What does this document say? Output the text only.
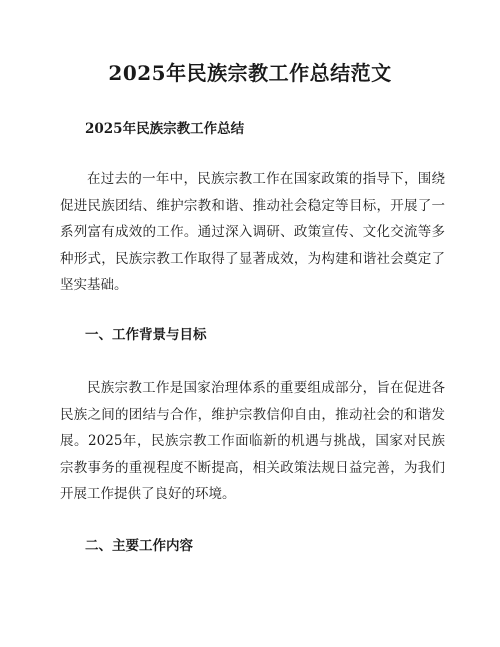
2025年民族宗教工作总结范文
2025年民族宗教工作总结

在过去的一年中，民族宗教工作在国家政策的指导下，围绕促进民族团结、维护宗教和谐、推动社会稳定等目标，开展了一系列富有成效的工作。通过深入调研、政策宣传、文化交流等多种形式，民族宗教工作取得了显著成效，为构建和谐社会奠定了坚实基础。

一、工作背景与目标

民族宗教工作是国家治理体系的重要组成部分，旨在促进各民族之间的团结与合作，维护宗教信仰自由，推动社会的和谐发展。2025年，民族宗教工作面临新的机遇与挑战，国家对民族宗教事务的重视程度不断提高，相关政策法规日益完善，为我们开展工作提供了良好的环境。

二、主要工作内容
